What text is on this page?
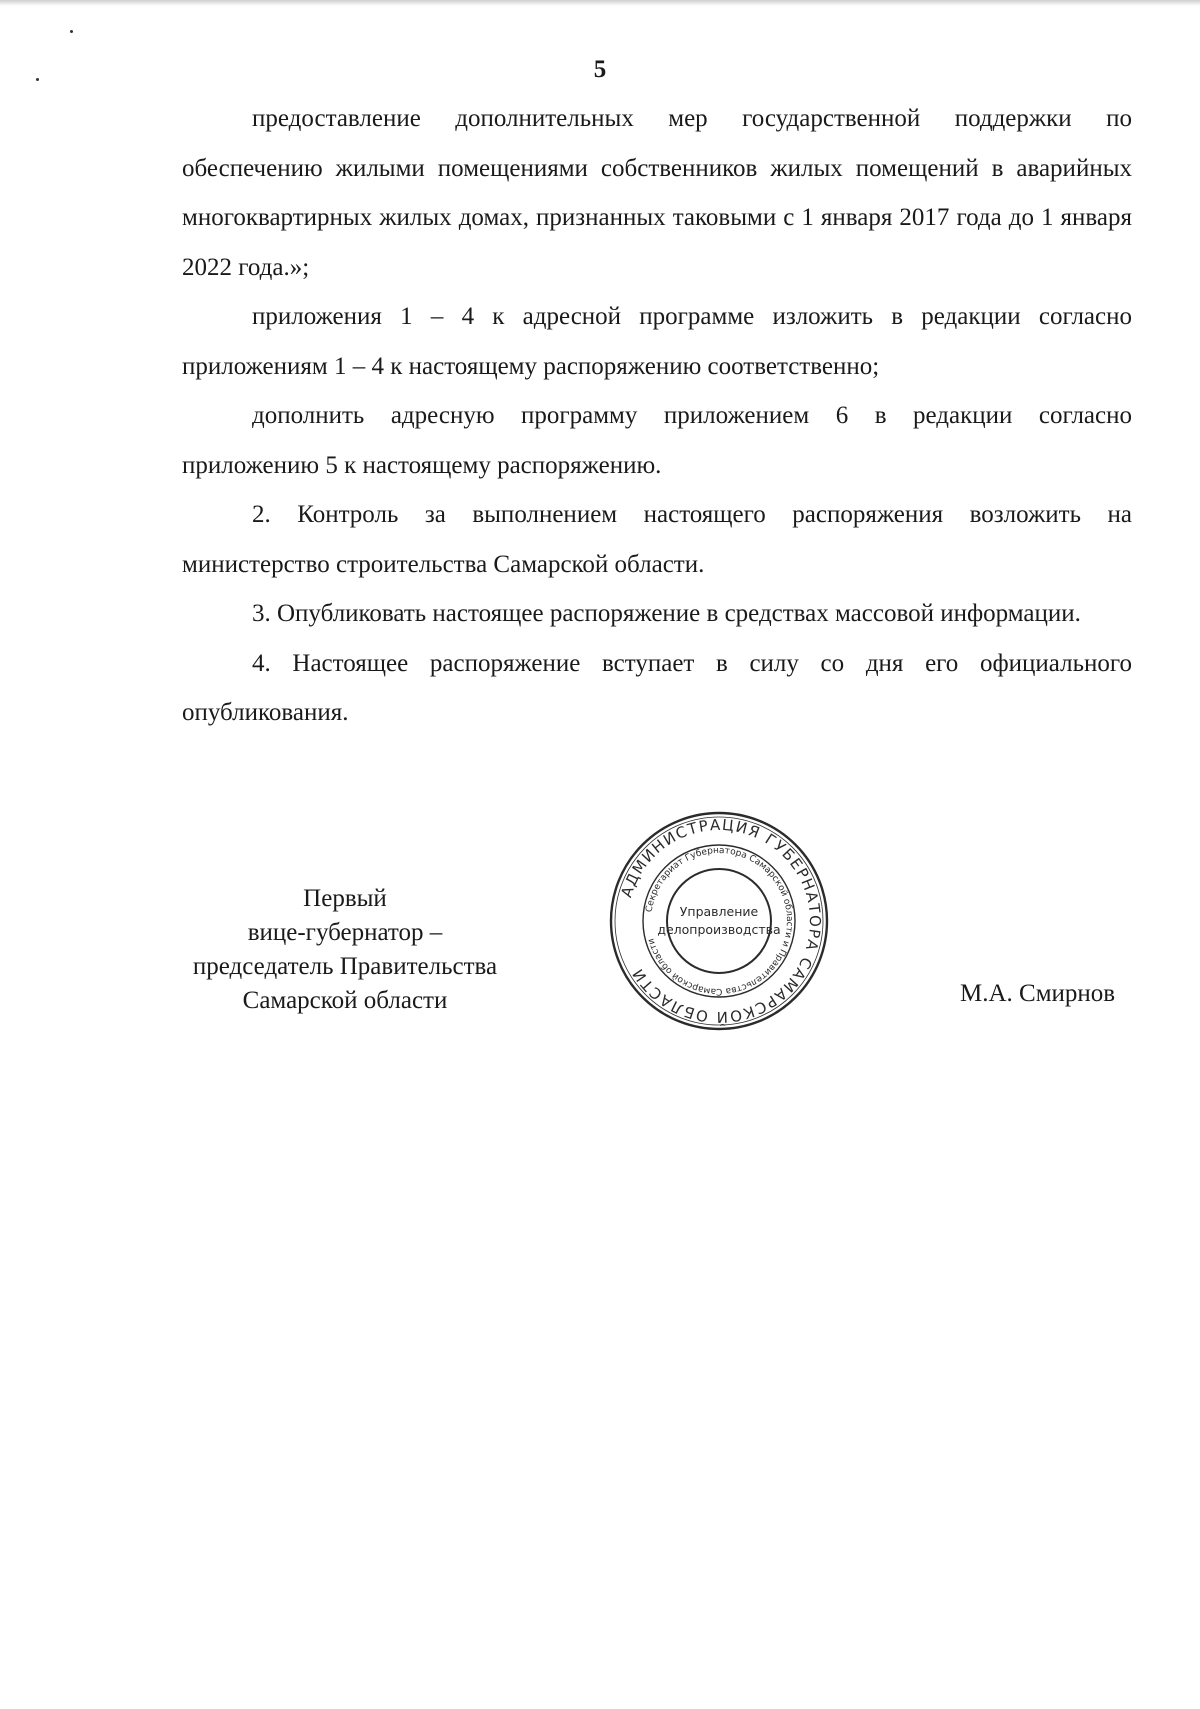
5

предоставление дополнительных мер государственной поддержки по обеспечению жилыми помещениями собственников жилых помещений в аварийных многоквартирных жилых домах, признанных таковыми с 1 января 2017 года до 1 января 2022 года.»;

приложения 1 – 4 к адресной программе изложить в редакции согласно приложениям 1 – 4 к настоящему распоряжению соответственно;

дополнить адресную программу приложением 6 в редакции согласно приложению 5 к настоящему распоряжению.

2. Контроль за выполнением настоящего распоряжения возложить на министерство строительства Самарской области.

3. Опубликовать настоящее распоряжение в средствах массовой информации.

4. Настоящее распоряжение вступает в силу со дня его официального опубликования.

Первый
вице-губернатор –
председатель Правительства
Самарской области
АДМИНИСТРАЦИЯ ГУБЕРНАТОРА САМАРСКОЙ ОБЛАСТИ
Секретариат Губернатора Самарской области и Правительства Самарской области
Управление
делопроизводства
М.А. Смирнов
